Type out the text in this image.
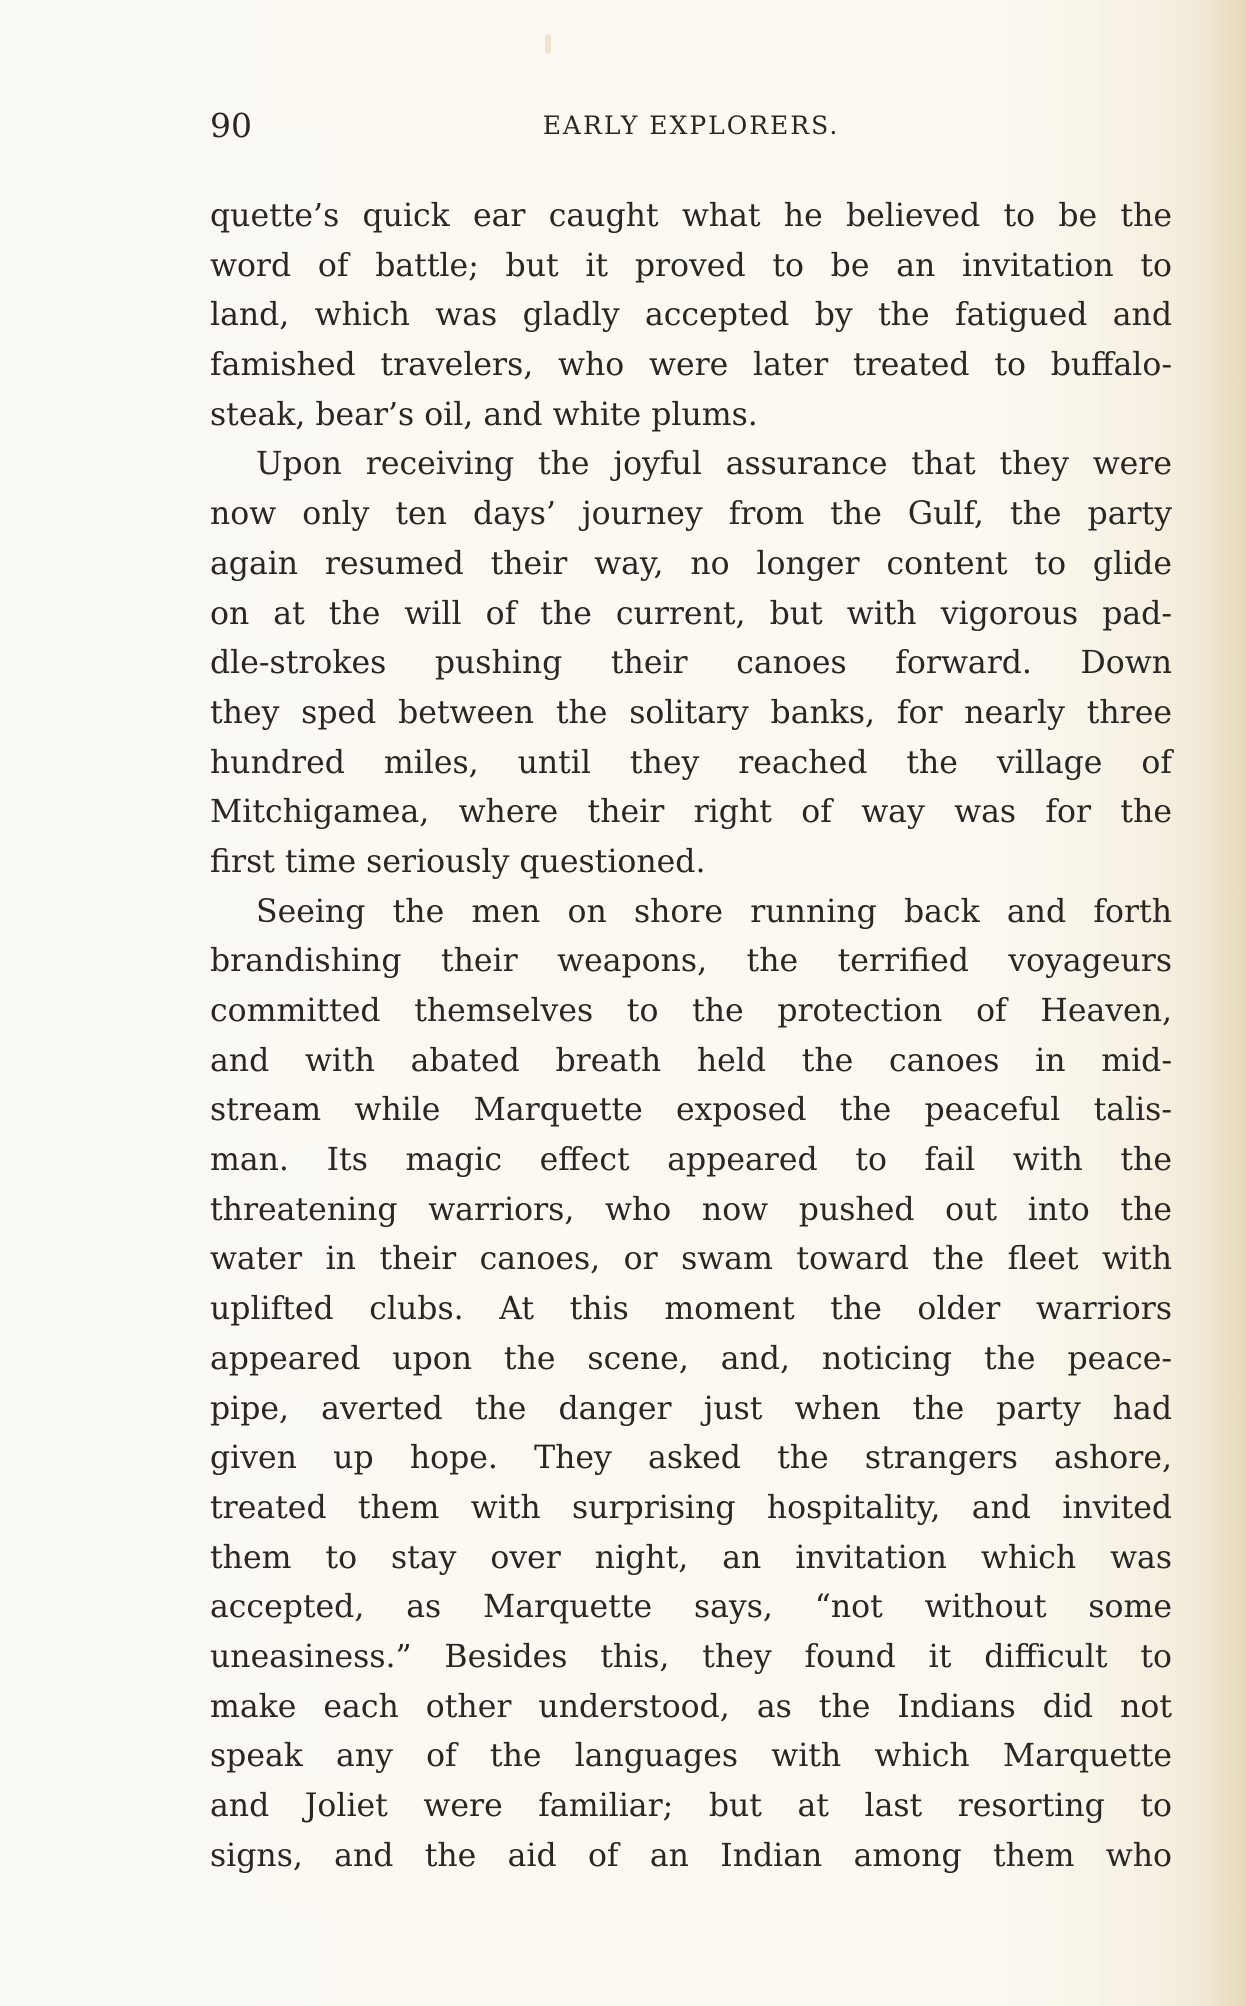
90	EARLY EXPLORERS.
quette’s quick ear caught what he believed to be the
word of battle; but it proved to be an invitation to
land, which was gladly accepted by the fatigued and
famished travelers, who were later treated to buffalo-
steak, bear’s oil, and white plums.
Upon receiving the joyful assurance that they were
now only ten days’ journey from the Gulf, the party
again resumed their way, no longer content to glide
on at the will of the current, but with vigorous pad-
dle-strokes pushing their canoes forward. Down
they sped between the solitary banks, for nearly three
hundred miles, until they reached the village of
Mitchigamea, where their right of way was for the
first time seriously questioned.
Seeing the men on shore running back and forth
brandishing their weapons, the terrified voyageurs
committed themselves to the protection of Heaven,
and with abated breath held the canoes in mid-
stream while Marquette exposed the peaceful talis-
man. Its magic effect appeared to fail with the
threatening warriors, who now pushed out into the
water in their canoes, or swam toward the fleet with
uplifted clubs. At this moment the older warriors
appeared upon the scene, and, noticing the peace-
pipe, averted the danger just when the party had
given up hope. They asked the strangers ashore,
treated them with surprising hospitality, and invited
them to stay over night, an invitation which was
accepted, as Marquette says, “not without some
uneasiness.” Besides this, they found it difficult to
make each other understood, as the Indians did not
speak any of the languages with which Marquette
and Joliet were familiar; but at last resorting to
signs, and the aid of an Indian among them who
